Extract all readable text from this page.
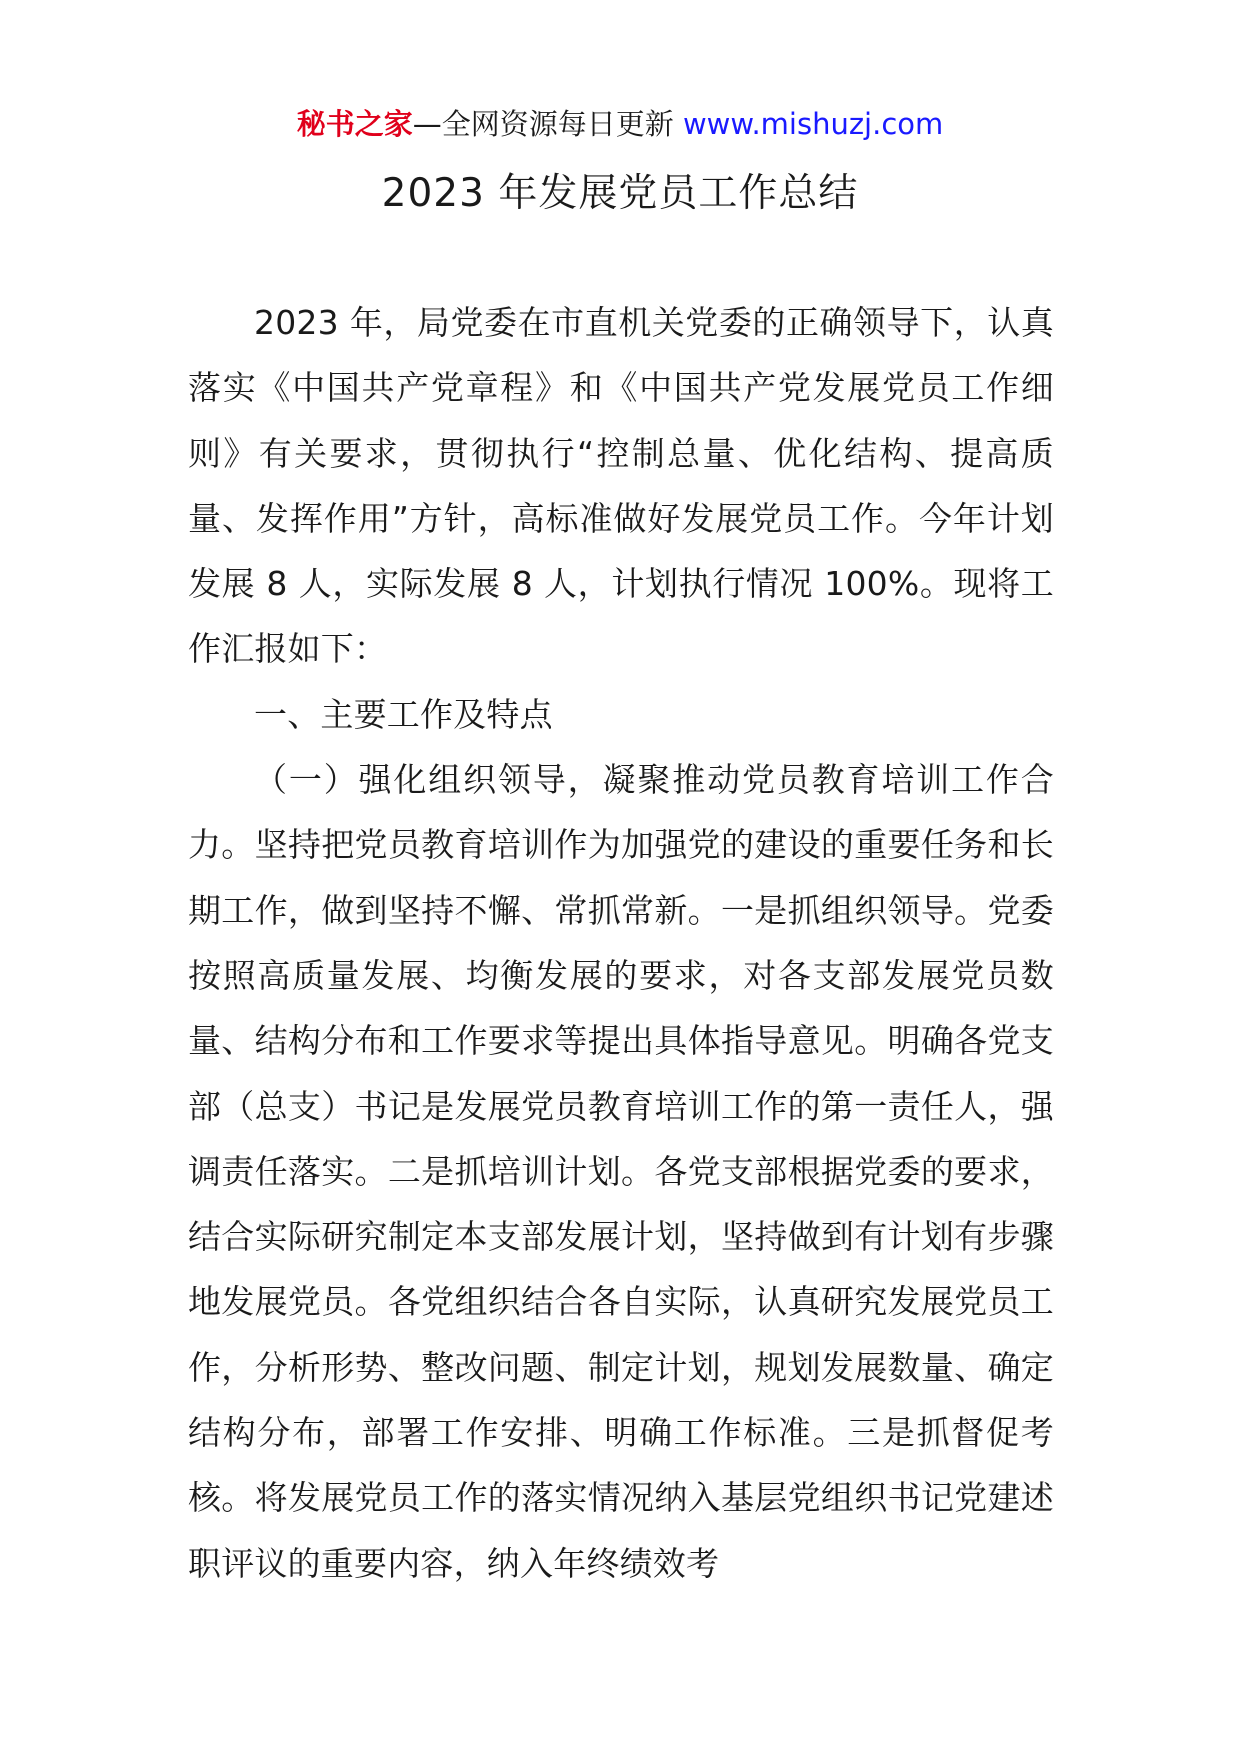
秘书之家—全网资源每日更新 www.mishuzj.com
2023 年发展党员工作总结

2023 年，局党委在市直机关党委的正确领导下，认真落实《中国共产党章程》和《中国共产党发展党员工作细则》有关要求，贯彻执行“控制总量、优化结构、提高质量、发挥作用”方针，高标准做好发展党员工作。今年计划发展 8 人，实际发展 8 人，计划执行情况 100%。现将工作汇报如下：

一、主要工作及特点

（一）强化组织领导，凝聚推动党员教育培训工作合力。坚持把党员教育培训作为加强党的建设的重要任务和长期工作，做到坚持不懈、常抓常新。一是抓组织领导。党委按照高质量发展、均衡发展的要求，对各支部发展党员数量、结构分布和工作要求等提出具体指导意见。明确各党支部（总支）书记是发展党员教育培训工作的第一责任人，强调责任落实。二是抓培训计划。各党支部根据党委的要求，结合实际研究制定本支部发展计划，坚持做到有计划有步骤地发展党员。各党组织结合各自实际，认真研究发展党员工作，分析形势、整改问题、制定计划，规划发展数量、确定结构分布，部署工作安排、明确工作标准。三是抓督促考核。将发展党员工作的落实情况纳入基层党组织书记党建述职评议的重要内容，纳入年终绩效考
